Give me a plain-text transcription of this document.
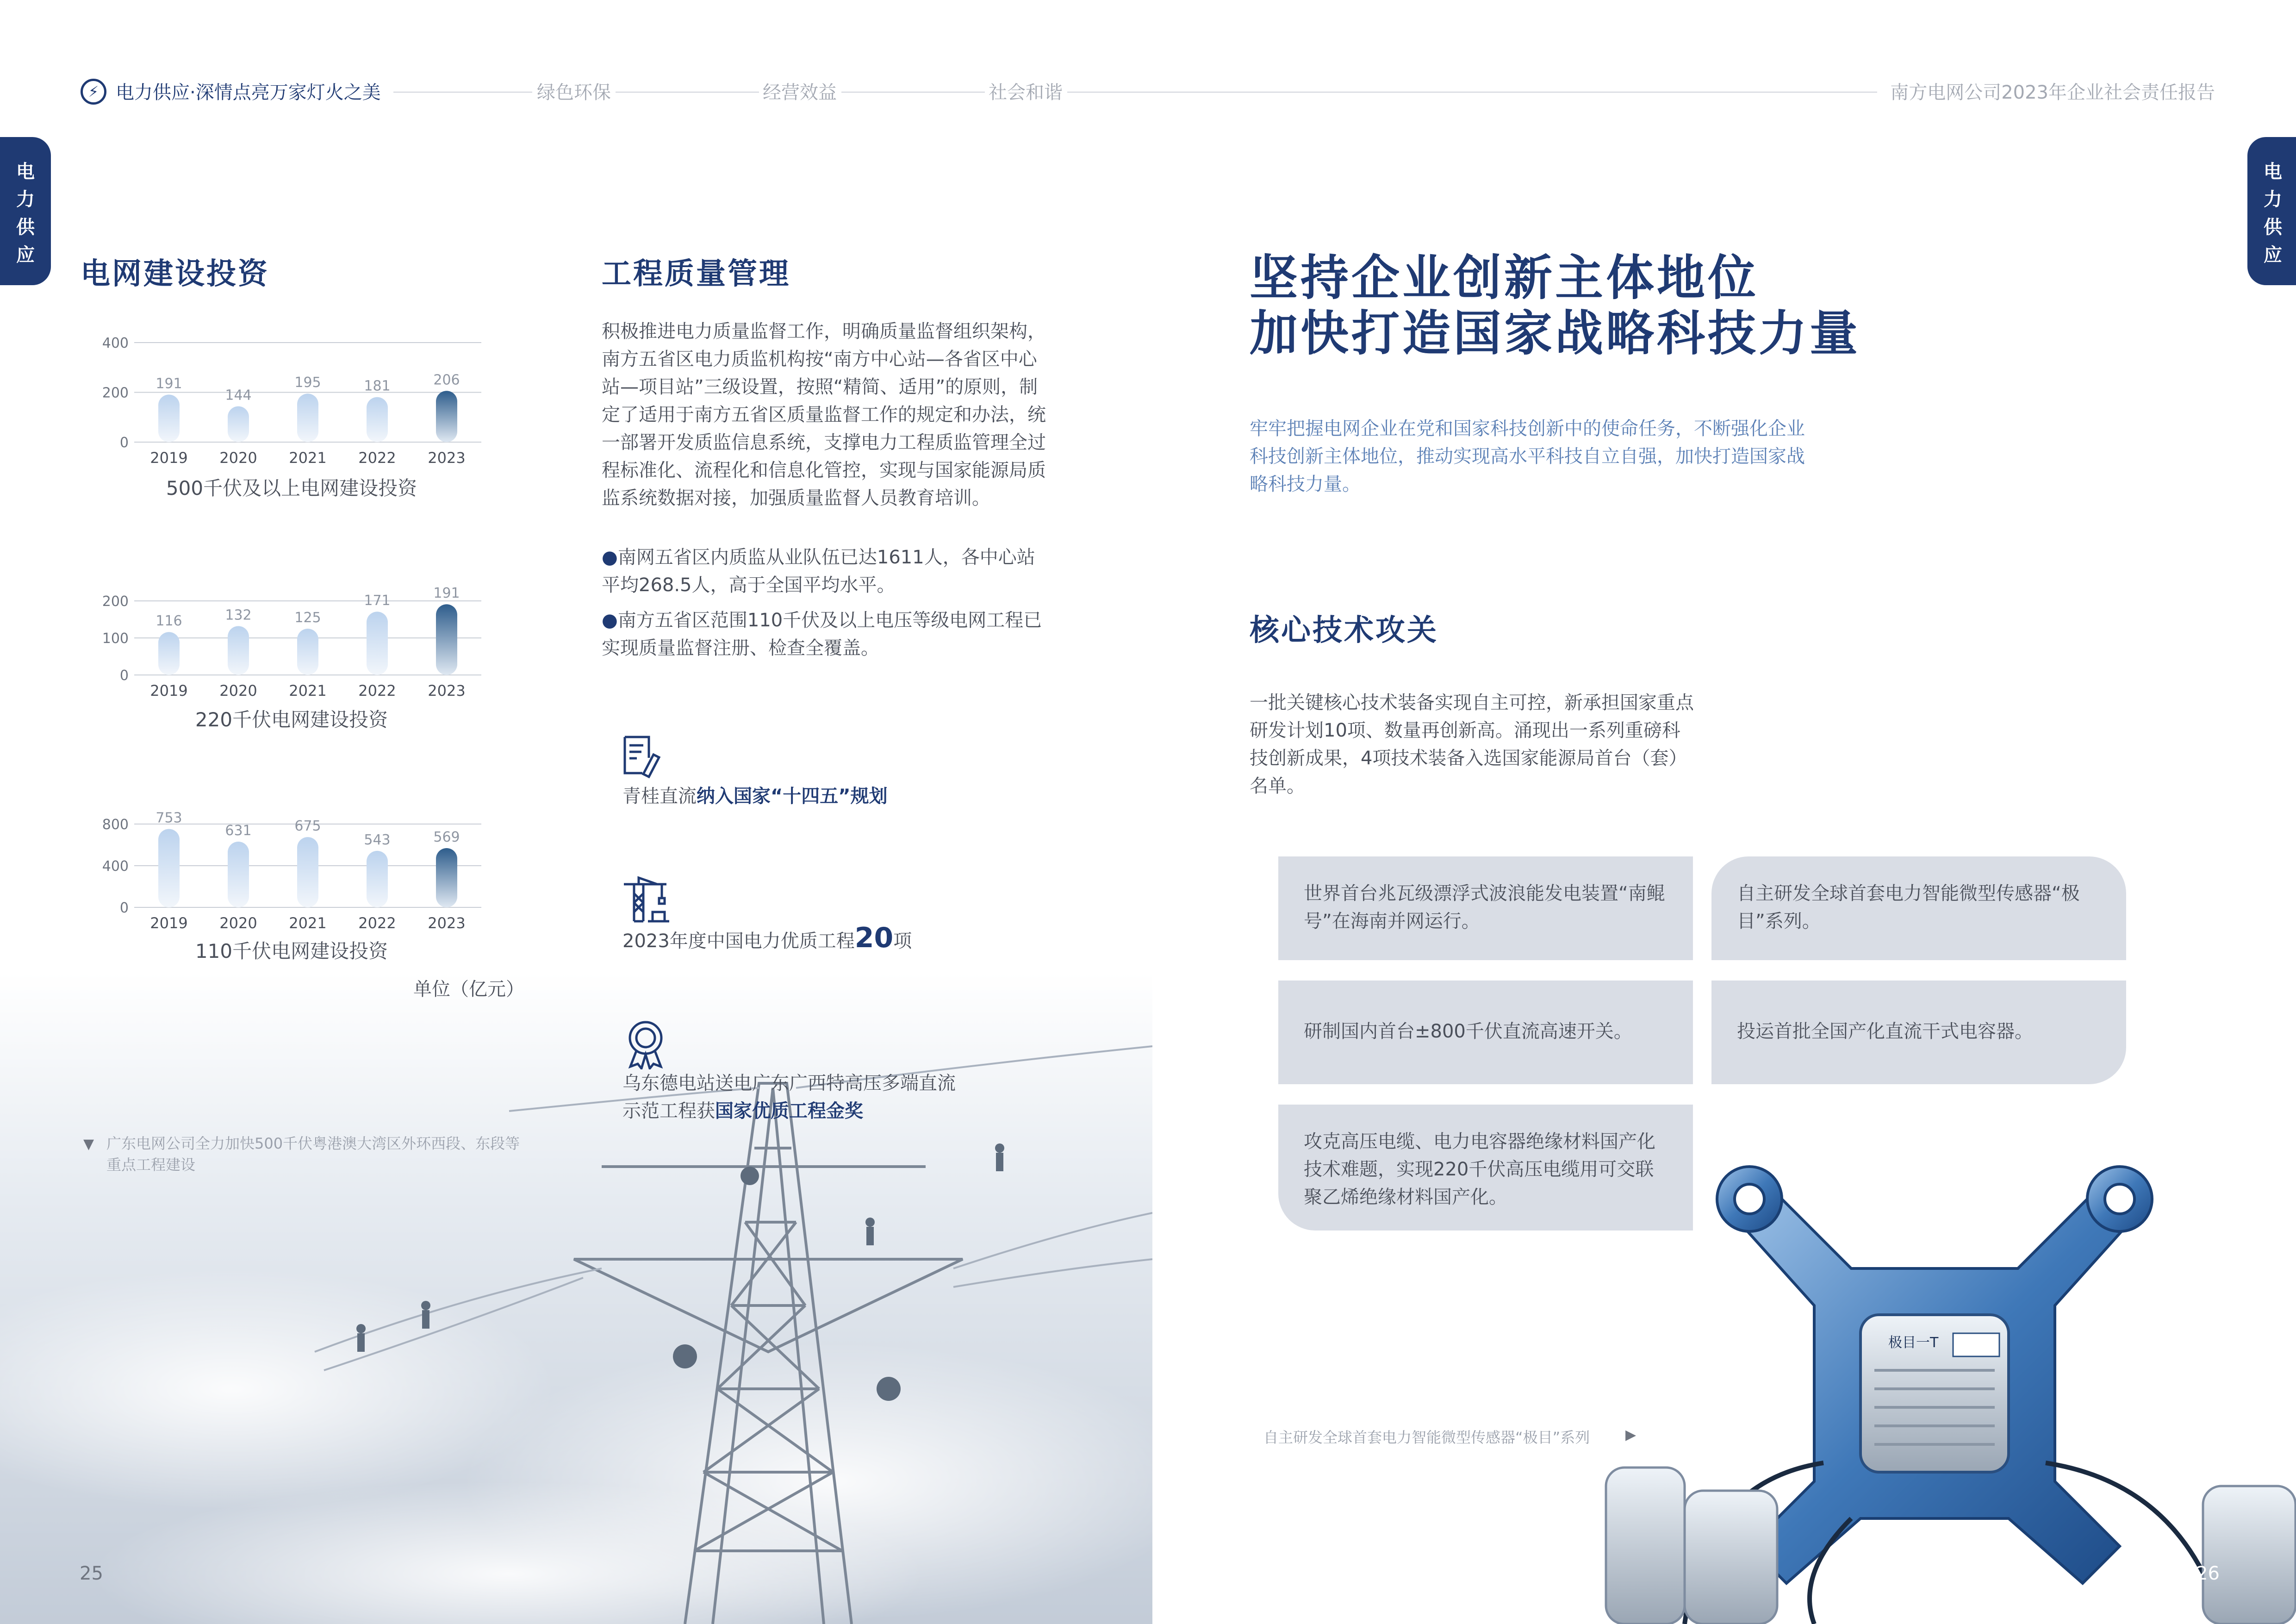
⚡ 电力供应·深情点亮万家灯火之美	绿色环保	经营效益	社会和谐	南方电网公司2023年企业社会责任报告
电
力
供
应
电
力
供
应
电网建设投资
0
200
400
191
2019
144
2020
195
2021
181
2022
206
2023
500千伏及以上电网建设投资
0
100
200
116
2019
132
2020
125
2021
171
2022
191
2023
220千伏电网建设投资
0
400
800 753
2019
631
2020
675
2021
543
2022
569
2023
110千伏电网建设投资
单位（亿元）
▼ 广东电网公司全力加快500千伏粤港澳大湾区外环西段、东段等重点工程建设
25
工程质量管理
积极推进电力质量监督工作，明确质量监督组织架构，南方五省区电力质监机构按“南方中心站—各省区中心站—项目站”三级设置，按照“精简、适用”的原则，制定了适用于南方五省区质量监督工作的规定和办法，统一部署开发质监信息系统，支撑电力工程质监管理全过程标准化、流程化和信息化管控，实现与国家能源局质监系统数据对接，加强质量监督人员教育培训。
●南网五省区内质监从业队伍已达1611人，各中心站平均268.5人，高于全国平均水平。
●南方五省区范围110千伏及以上电压等级电网工程已实现质量监督注册、检查全覆盖。
青桂直流纳入国家“十四五”规划
2023年度中国电力优质工程20项
乌东德电站送电广东广西特高压多端直流示范工程获国家优质工程金奖
坚持企业创新主体地位
加快打造国家战略科技力量
牢牢把握电网企业在党和国家科技创新中的使命任务，不断强化企业科技创新主体地位，推动实现高水平科技自立自强，加快打造国家战略科技力量。
核心技术攻关
一批关键核心技术装备实现自主可控，新承担国家重点研发计划10项、数量再创新高。涌现出一系列重磅科技创新成果，4项技术装备入选国家能源局首台（套）名单。
世界首台兆瓦级漂浮式波浪能发电装置“南鲲号”在海南并网运行。
自主研发全球首套电力智能微型传感器“极目”系列。
研制国内首台±800千伏直流高速开关。	投运首批全国产化直流干式电容器。
攻克高压电缆、电力电容器绝缘材料国产化技术难题，实现220千伏高压电缆用可交联聚乙烯绝缘材料国产化。
极目一T
自主研发全球首套电力智能微型传感器“极目”系列	▶
26
